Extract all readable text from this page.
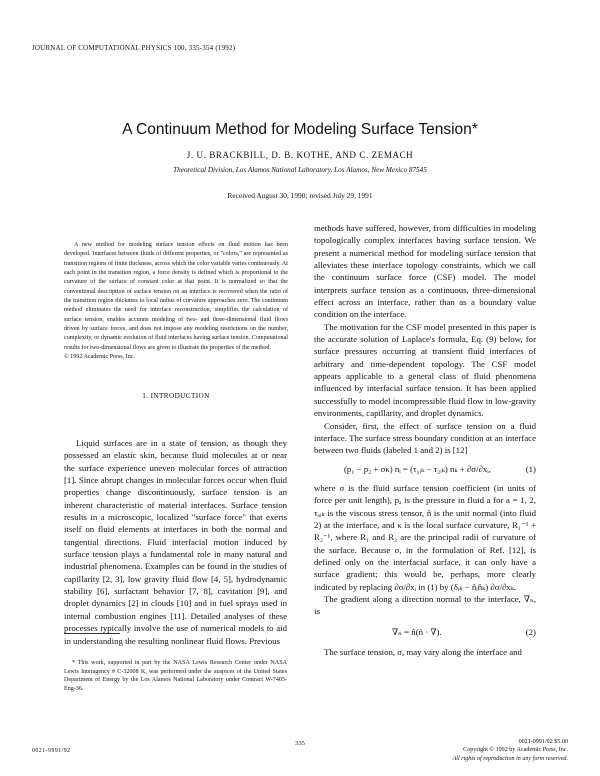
JOURNAL OF COMPUTATIONAL PHYSICS 100, 335-354 (1992)
A Continuum Method for Modeling Surface Tension*
J. U. BRACKBILL, D. B. KOTHE, AND C. ZEMACH
Theoretical Division, Los Alamos National Laboratory, Los Alamos, New Mexico 87545
Received August 30, 1990; revised July 29, 1991
A new method for modeling surface tension effects on fluid motion has been developed. Interfaces between fluids of different properties, or "colors," are represented as transition regions of finite thickness, across which the color variable varies continuously. At each point in the transition region, a force density is defined which is proportional to the curvature of the surface of constant color at that point. It is normalized so that the conventional description of surface tension on an interface is recovered when the ratio of the transition region thickness to local radius of curvature approaches zero. The continuum method eliminates the need for interface reconstruction, simplifies the calculation of surface tension, enables accurate modeling of two- and three-dimensional fluid flows driven by surface forces, and does not impose any modeling restrictions on the number, complexity, or dynamic evolution of fluid interfaces having surface tension. Computational results for two-dimensional flows are given to illustrate the properties of the method.
© 1992 Academic Press, Inc.
1. INTRODUCTION
Liquid surfaces are in a state of tension, as though they possessed an elastic skin, because fluid molecules at or near the surface experience uneven molecular forces of attraction [1]. Since abrupt changes in molecular forces occur when fluid properties change discontinuously, surface tension is an inherent characteristic of material interfaces. Surface tension results in a microscopic, localized "surface force" that exerts itself on fluid elements at interfaces in both the normal and tangential directions. Fluid interfacial motion induced by surface tension plays a fundamental role in many natural and industrial phenomena. Examples can be found in the studies of capillarity [2, 3], low gravity fluid flow [4, 5], hydrodynamic stability [6], surfactant behavior [7, 8], cavitation [9], and droplet dynamics [2] in clouds [10] and in fuel sprays used in internal combustion engines [11]. Detailed analyses of these processes typically involve the use of numerical models to aid in understanding the resulting nonlinear fluid flows. Previous
* This work, supported in part by the NASA Lewis Research Center under NASA Lewis Interagency # C-32008 K, was performed under the auspices of the United States Department of Energy by the Los Alamos National Laboratory under Contract W-7405-Eng-36.

methods have suffered, however, from difficulties in modeling topologically complex interfaces having surface tension. We present a numerical method for modeling surface tension that alleviates these interface topology constraints, which we call the continuum surface force (CSF) model. The model interprets surface tension as a continuous, three-dimensional effect across an interface, rather than as a boundary value condition on the interface.

The motivation for the CSF model presented in this paper is the accurate solution of Laplace's formula, Eq. (9) below, for surface pressures occurring at transient fluid interfaces of arbitrary and time-dependent topology. The CSF model appears applicable to a general class of fluid phenomena influenced by interfacial surface tension. It has been applied successfully to model incompressible fluid flow in low-gravity environments, capillarity, and droplet dynamics.

Consider, first, the effect of surface tension on a fluid interface. The surface stress boundary condition at an interface between two fluids (labeled 1 and 2) is [12]

(p₁ − p₂ + σκ) nᵢ = (τ₁ᵢₖ − τ₂ᵢₖ) nₖ + ∂σ/∂xᵢ,	(1)

where σ is the fluid surface tension coefficient (in units of force per unit length), pₐ is the pressure in fluid a for a = 1, 2, τₐᵢₖ is the viscous stress tensor, n̂ is the unit normal (into fluid 2) at the interface, and κ is the local surface curvature, R₁⁻¹ + R₂⁻¹, where R₁ and R₂ are the principal radii of curvature of the surface. Because σ, in the formulation of Ref. [12], is defined only on the interfacial surface, it can only have a surface gradient; this would be, perhaps, more clearly indicated by replacing ∂σ/∂xᵢ in (1) by (δᵢₖ − n̂ᵢn̂ₖ) ∂σ/∂xₖ.

The gradient along a direction normal to the interface, ∇ₙ, is

∇ₙ = n̂(n̂ · ∇).	(2)

The surface tension, σ, may vary along the interface and

335
0021-9991/92
0021-9991/92 $5.00
Copyright © 1992 by Academic Press, Inc.
All rights of reproduction in any form reserved.
